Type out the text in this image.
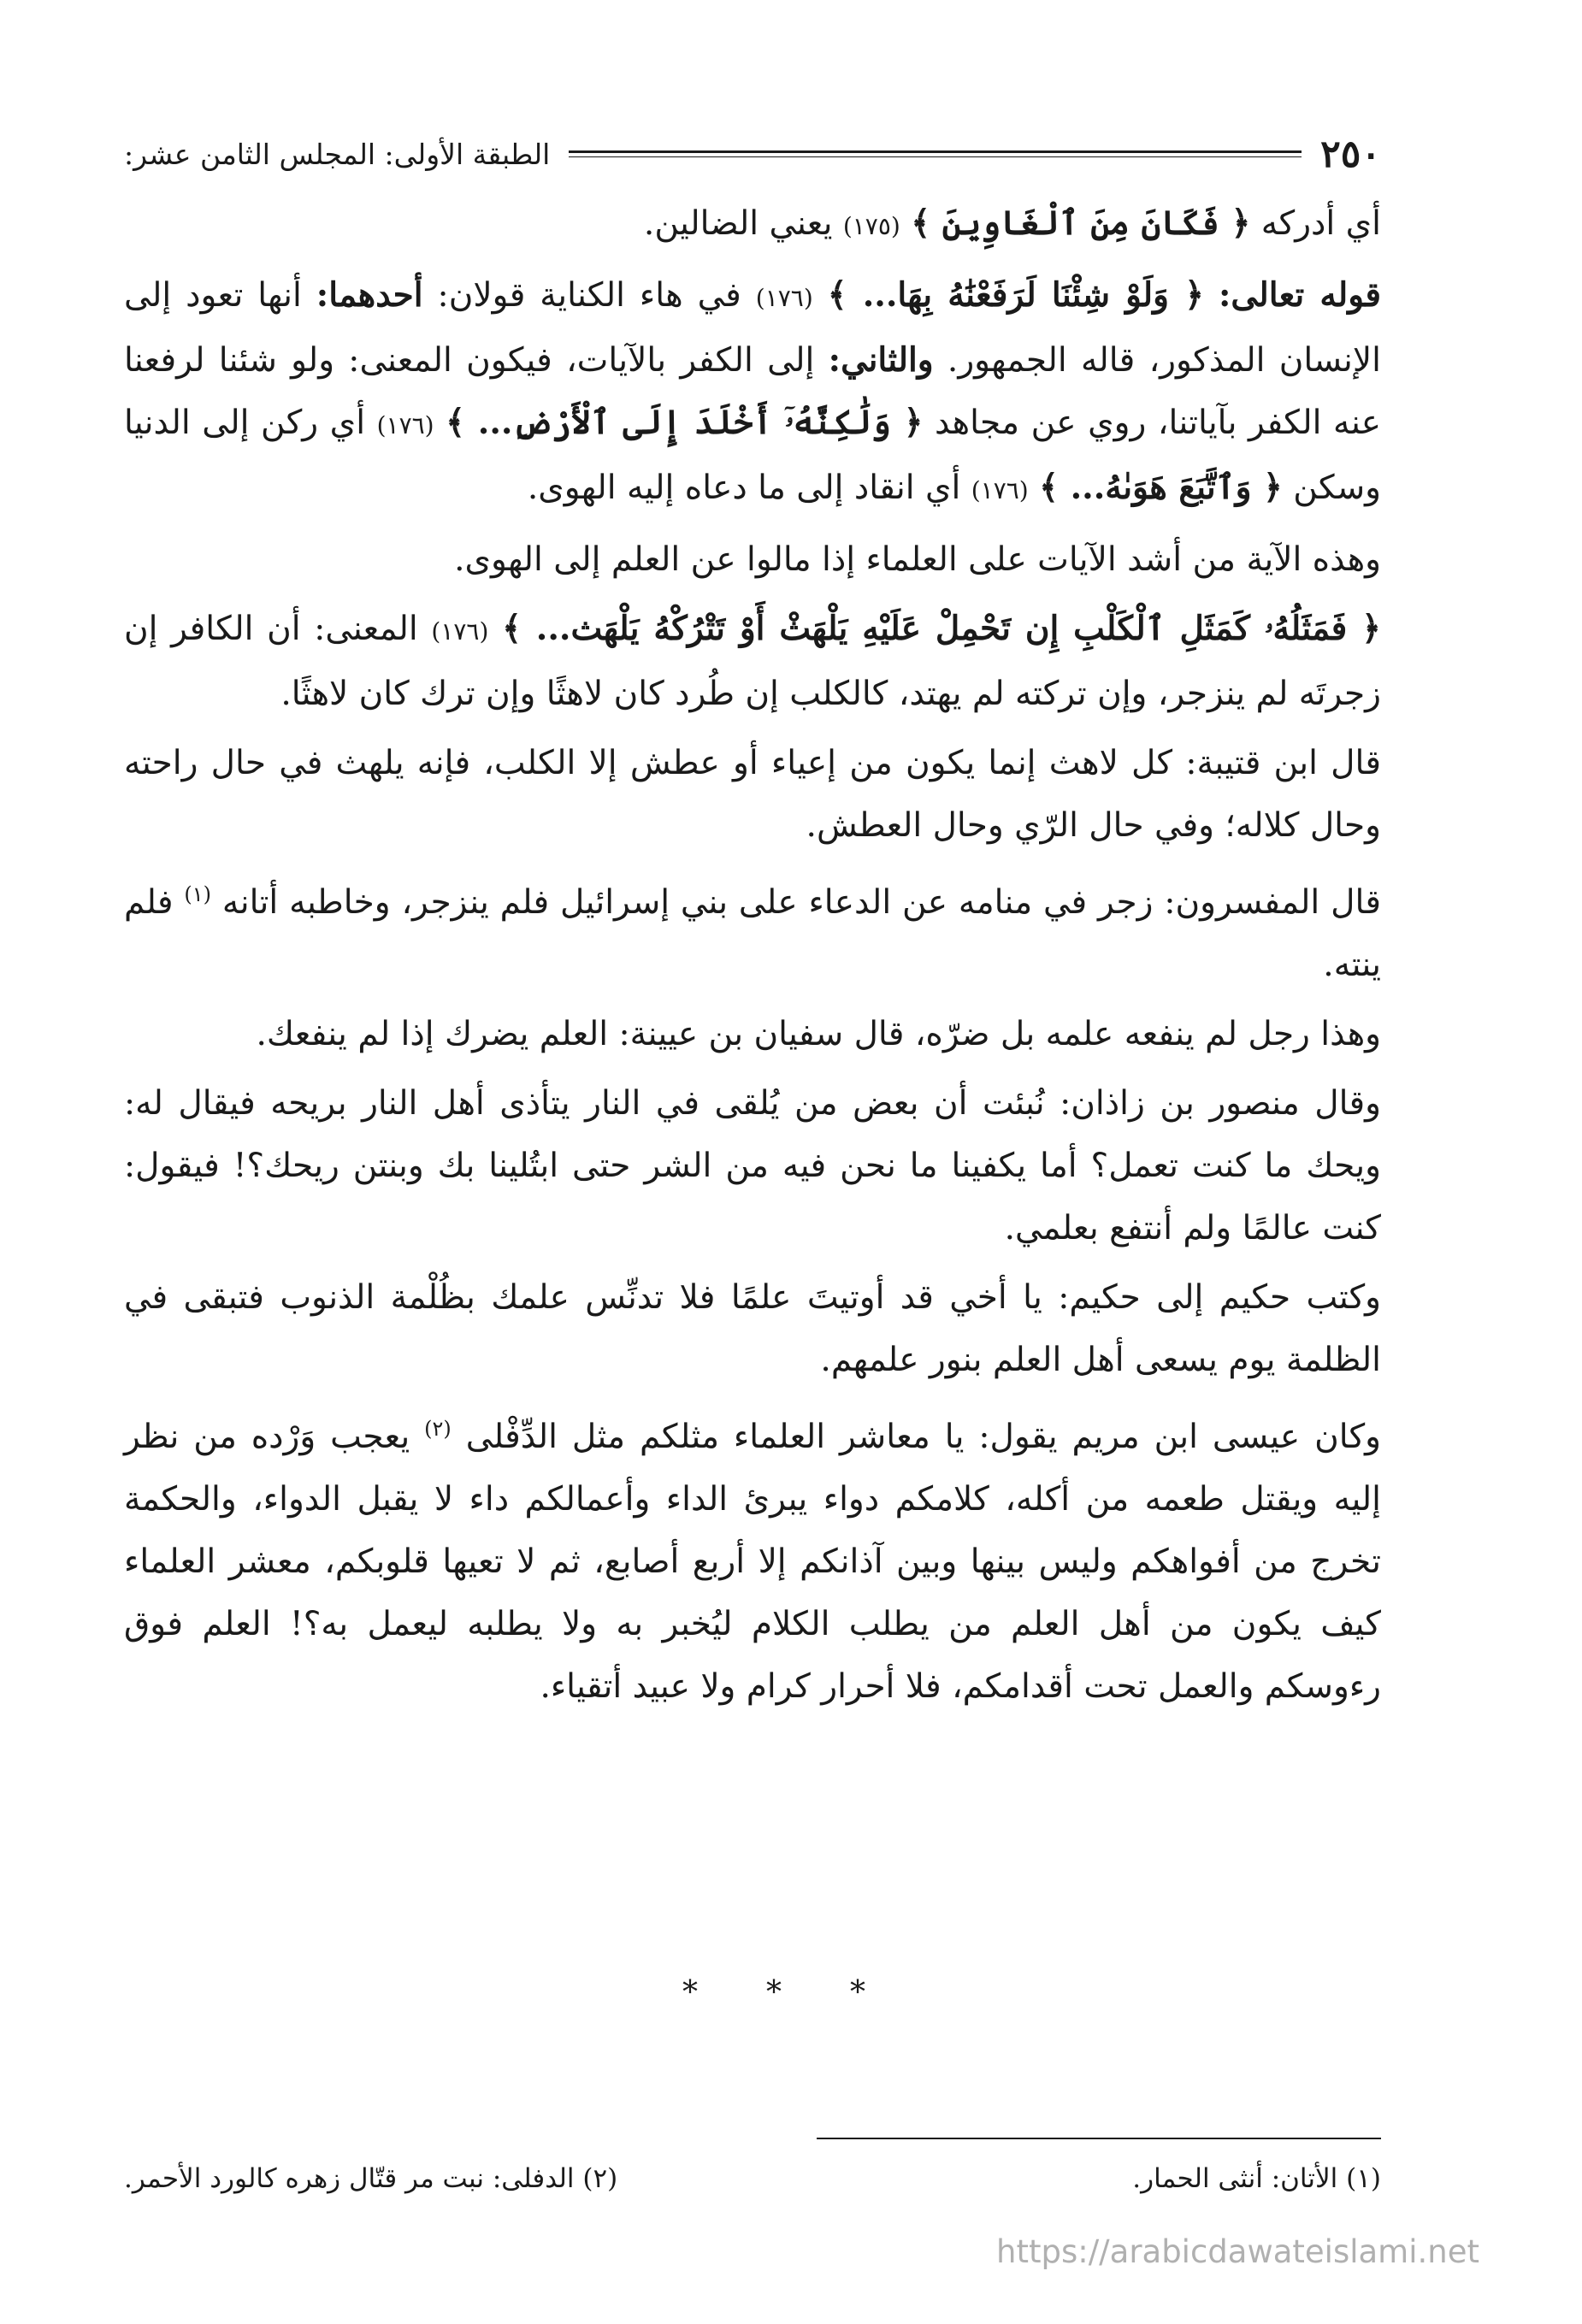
٢٥٠
الطبقة الأولى: المجلس الثامن عشر:

أي أدركه ﴿ فَكَانَ مِنَ ٱلْغَاوِينَ ﴾ (١٧٥) يعني الضالين.

قوله تعالى: ﴿ وَلَوْ شِئْنَا لَرَفَعْنَٰهُ بِهَا... ﴾ (١٧٦) في هاء الكناية قولان: أحدهما: أنها تعود إلى الإنسان المذكور، قاله الجمهور. والثاني: إلى الكفر بالآيات، فيكون المعنى: ولو شئنا لرفعنا عنه الكفر بآياتنا، روي عن مجاهد ﴿ وَلَٰكِنَّهُۥٓ أَخْلَدَ إِلَى ٱلْأَرْضِ... ﴾ (١٧٦) أي ركن إلى الدنيا وسكن ﴿ وَٱتَّبَعَ هَوَىٰهُ... ﴾ (١٧٦) أي انقاد إلى ما دعاه إليه الهوى.

وهذه الآية من أشد الآيات على العلماء إذا مالوا عن العلم إلى الهوى.

﴿ فَمَثَلُهُۥ كَمَثَلِ ٱلْكَلْبِ إِن تَحْمِلْ عَلَيْهِ يَلْهَثْ أَوْ تَتْرُكْهُ يَلْهَث... ﴾ (١٧٦) المعنى: أن الكافر إن زجرتَه لم ينزجر، وإن تركته لم يهتد، كالكلب إن طُرد كان لاهثًا وإن ترك كان لاهثًا.

قال ابن قتيبة: كل لاهث إنما يكون من إعياء أو عطش إلا الكلب، فإنه يلهث في حال راحته وحال كلاله؛ وفي حال الرّي وحال العطش.

قال المفسرون: زجر في منامه عن الدعاء على بني إسرائيل فلم ينزجر، وخاطبه أتانه $^{(١)}$ فلم ينته.

وهذا رجل لم ينفعه علمه بل ضرّه، قال سفيان بن عيينة: العلم يضرك إذا لم ينفعك.

وقال منصور بن زاذان: نُبئت أن بعض من يُلقى في النار يتأذى أهل النار بريحه فيقال له: ويحك ما كنت تعمل؟ أما يكفينا ما نحن فيه من الشر حتى ابتُلينا بك وبنتن ريحك؟! فيقول: كنت عالمًا ولم أنتفع بعلمي.

وكتب حكيم إلى حكيم: يا أخي قد أوتيتَ علمًا فلا تدنِّس علمك بظُلْمة الذنوب فتبقى في الظلمة يوم يسعى أهل العلم بنور علمهم.

وكان عيسى ابن مريم يقول: يا معاشر العلماء مثلكم مثل الدِّفْلى $^{(٢)}$ يعجب وَرْده من نظر إليه ويقتل طعمه من أكله، كلامكم دواء يبرئ الداء وأعمالكم داء لا يقبل الدواء، والحكمة تخرج من أفواهكم وليس بينها وبين آذانكم إلا أربع أصابع، ثم لا تعيها قلوبكم، معشر العلماء كيف يكون من أهل العلم من يطلب الكلام ليُخبر به ولا يطلبه ليعمل به؟! العلم فوق رءوسكم والعمل تحت أقدامكم، فلا أحرار كرام ولا عبيد أتقياء.

* * *
(١) الأتان: أنثى الحمار.
(٢) الدفلى: نبت مر قتّال زهره كالورد الأحمر.
https://arabicdawateislami.net
